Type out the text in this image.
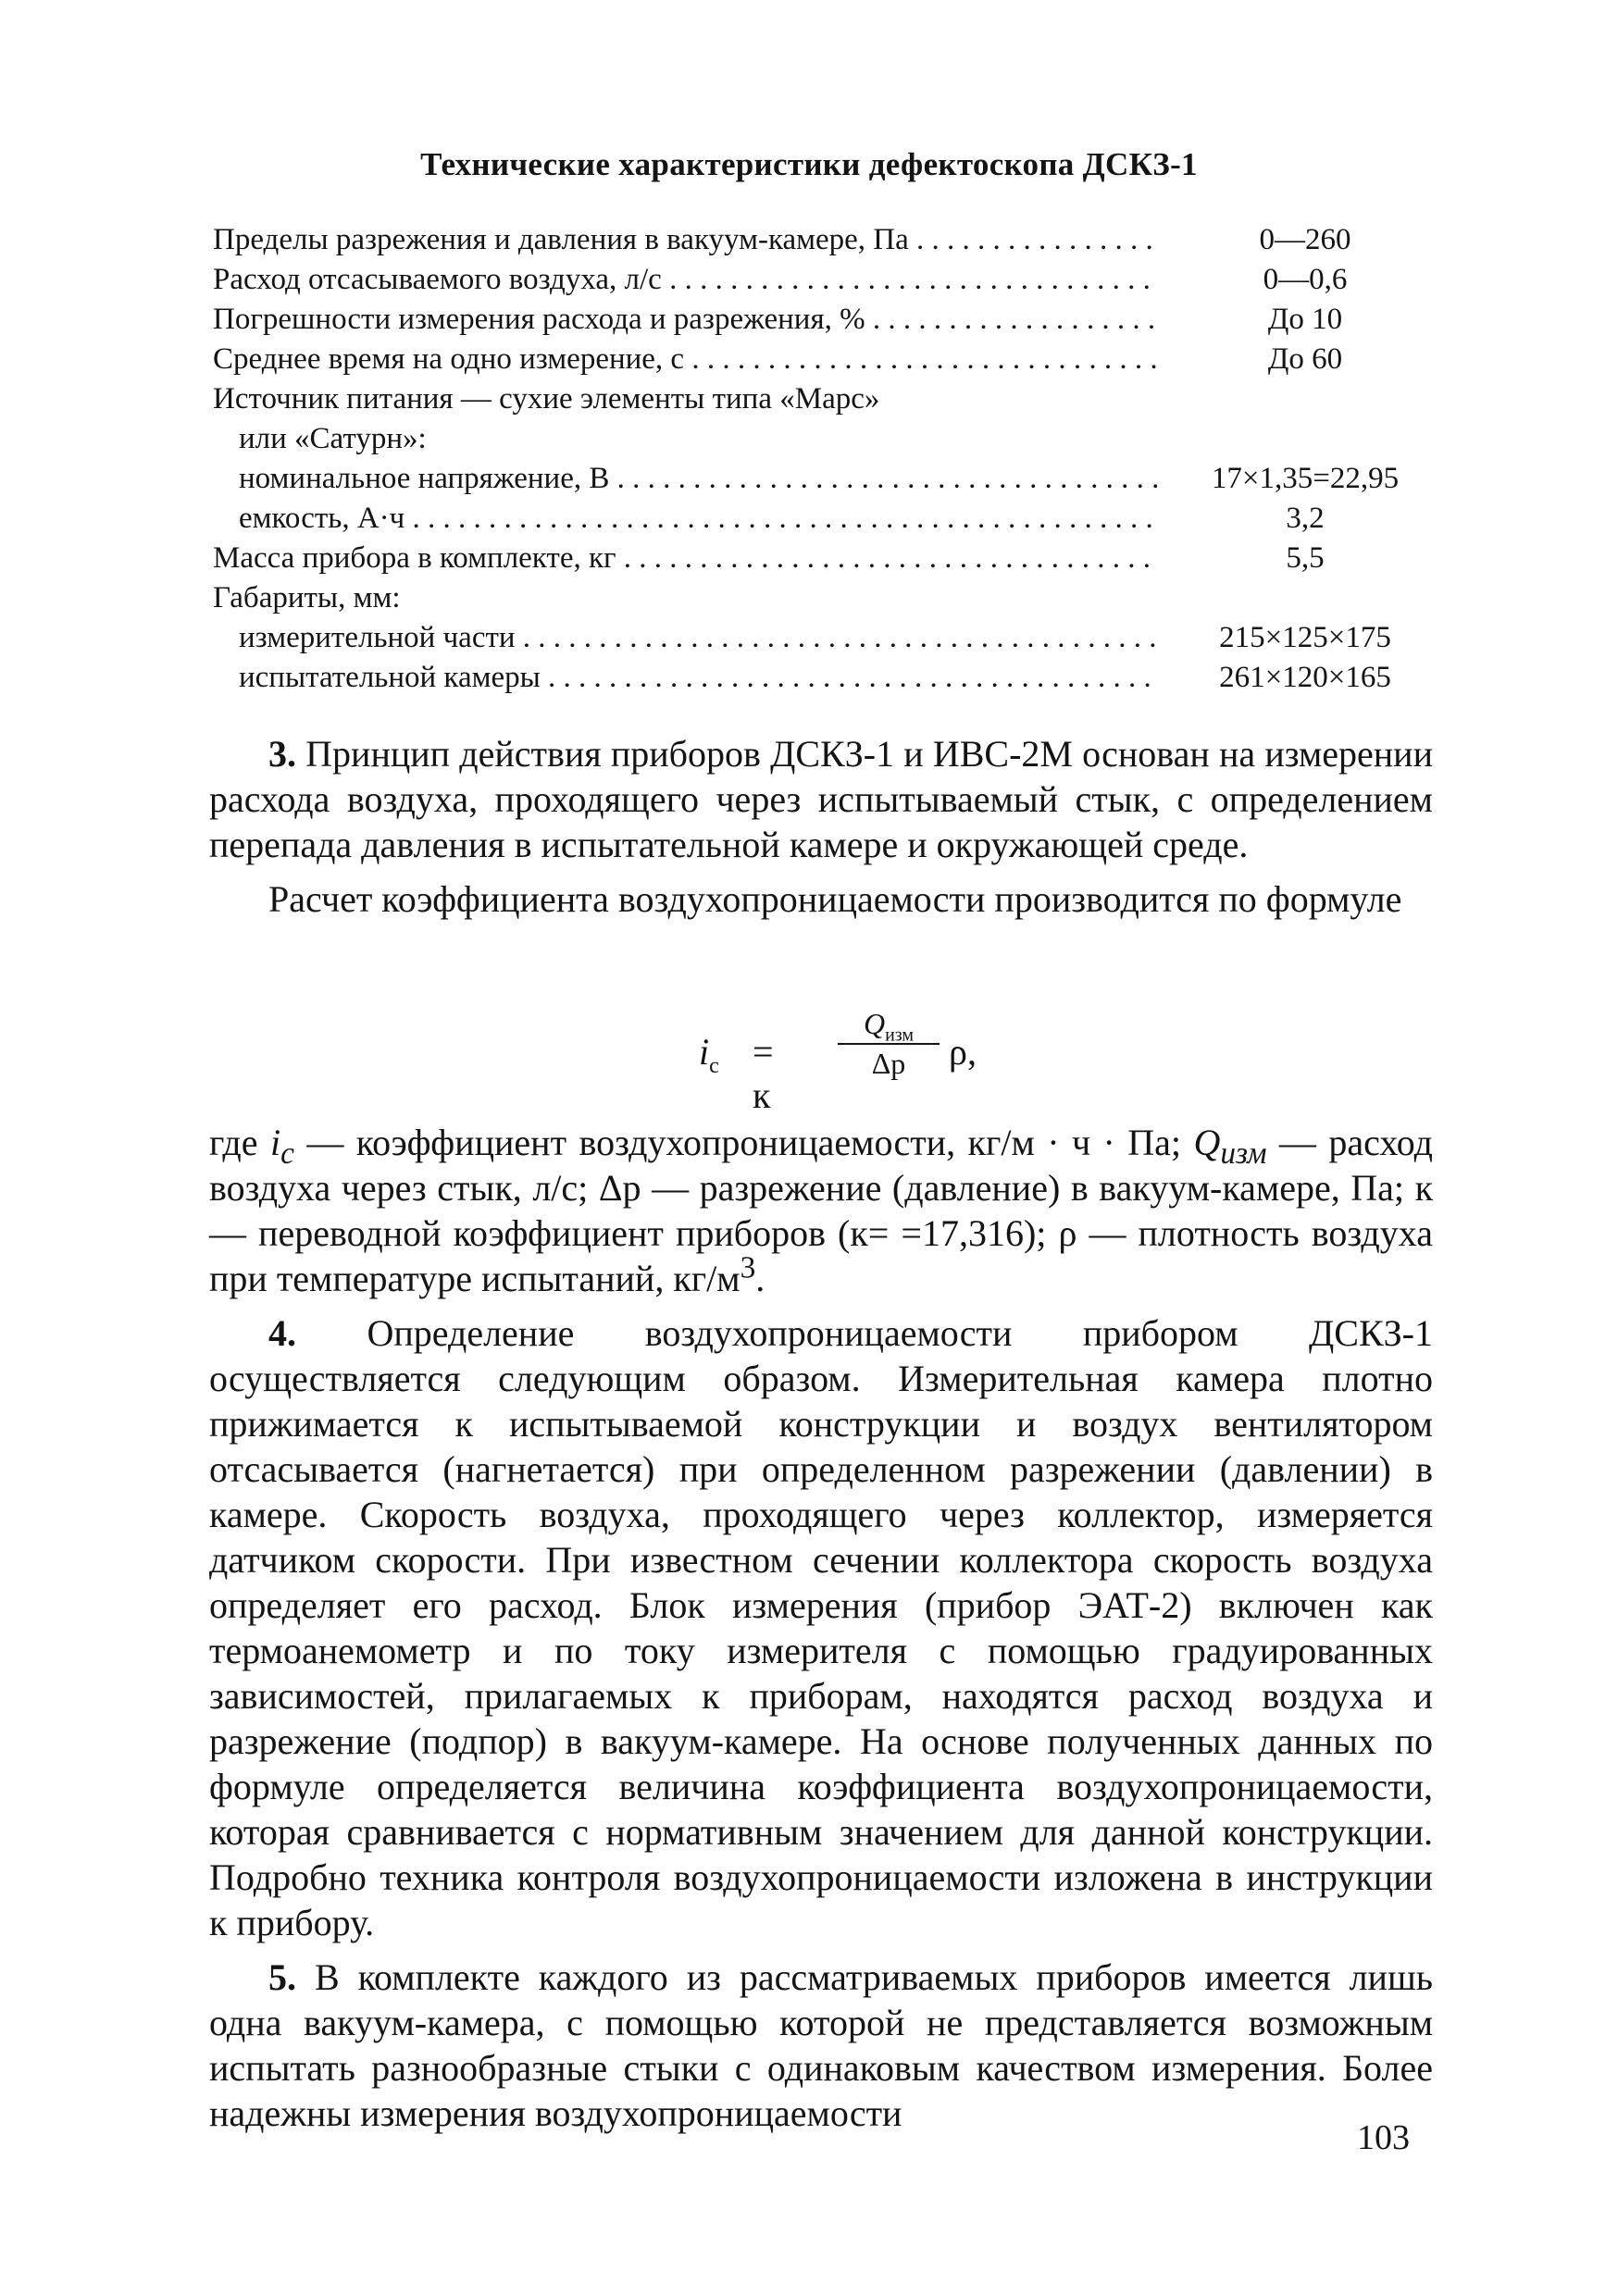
Технические характеристики дефектоскопа ДСКЗ-1
Пределы разрежения и давления в вакуум-камере, Па . . .	0—260
Расход отсасываемого воздуха, л/с . . .	0—0,6
Погрешности измерения расхода и разрежения, % . . .	До 10
Среднее время на одно измерение, с . . .	До 60
Источник питания — сухие элементы типа «Марс»
или «Сатурн»:
номинальное напряжение, В . . .	17×1,35=22,95
емкость, А·ч . . .	3,2
Масса прибора в комплекте, кг . . .	5,5
Габариты, мм:
измерительной части . . .	215×125×175
испытательной камеры . . .	261×120×165

3. Принцип действия приборов ДСКЗ-1 и ИВС-2М основан на измерении расхода воздуха, проходящего через испытываемый стык, с определением перепада давления в испытательной камере и окружающей среде.

Расчет коэффициента воздухопроницаемости производится по формуле

$i_с = к$
$Q_{изм}$
Δp	ρ,

где $i_с$ — коэффициент воздухопроницаемости, кг/м · ч · Па; $Q_{изм}$ — расход воздуха через стык, л/с; Δp — разрежение (давление) в вакуум-камере, Па; к — переводной коэффициент приборов (к= =17,316); ρ — плотность воздуха при температуре испытаний, $кг/м^3$.

4. Определение воздухопроницаемости прибором ДСКЗ-1 осуществляется следующим образом. Измерительная камера плотно прижимается к испытываемой конструкции и воздух вентилятором отсасывается (нагнетается) при определенном разрежении (давлении) в камере. Скорость воздуха, проходящего через коллектор, измеряется датчиком скорости. При известном сечении коллектора скорость воздуха определяет его расход. Блок измерения (прибор ЭАТ-2) включен как термоанемометр и по току измерителя с помощью градуированных зависимостей, прилагаемых к приборам, находятся расход воздуха и разрежение (подпор) в вакуум-камере. На основе полученных данных по формуле определяется величина коэффициента воздухопроницаемости, которая сравнивается с нормативным значением для данной конструкции. Подробно техника контроля воздухопроницаемости изложена в инструкции к прибору.

5. В комплекте каждого из рассматриваемых приборов имеется лишь одна вакуум-камера, с помощью которой не представляется возможным испытать разнообразные стыки с одинаковым качеством измерения. Более надежны измерения воздухопроницаемости

103
